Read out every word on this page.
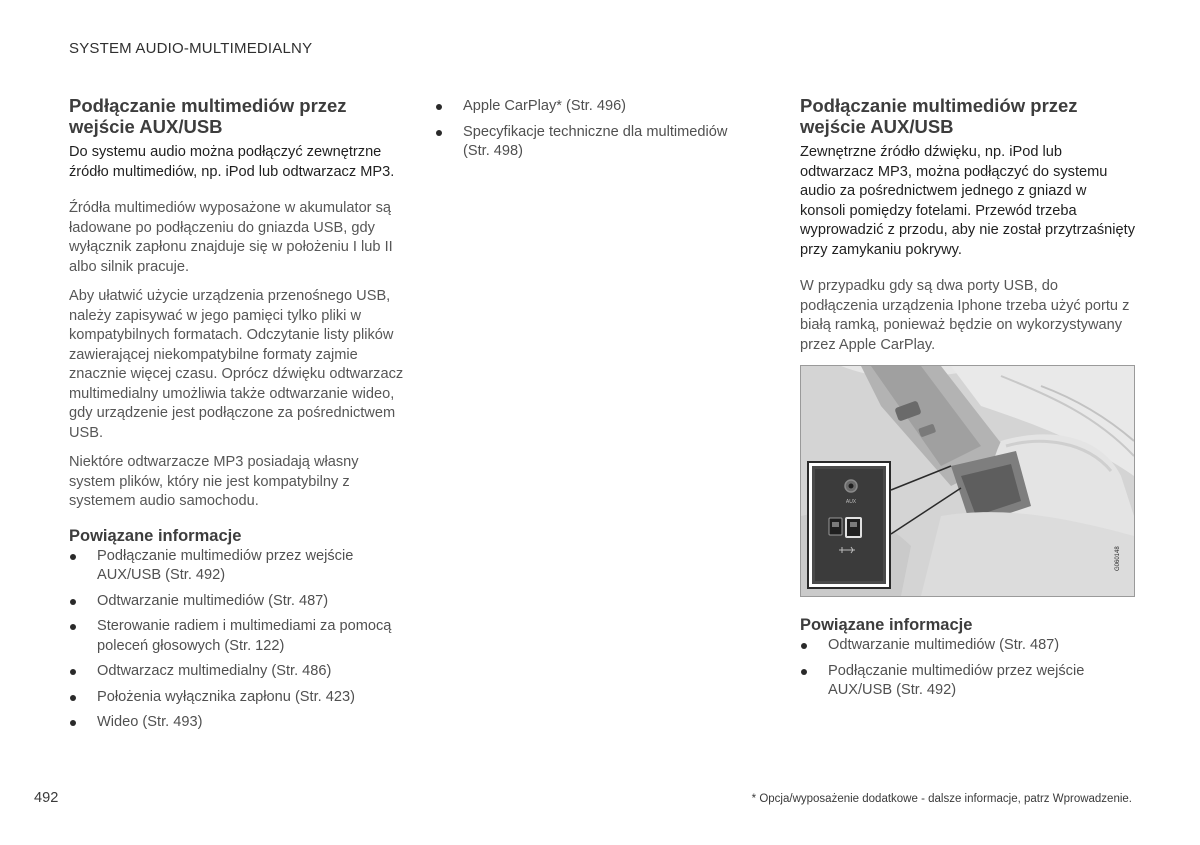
SYSTEM AUDIO-MULTIMEDIALNY
Podłączanie multimediów przez wejście AUX/USB

Do systemu audio można podłączyć zewnętrzne źródło multimediów, np. iPod lub odtwarzacz MP3.

Źródła multimediów wyposażone w akumulator są ładowane po podłączeniu do gniazda USB, gdy wyłącznik zapłonu znajduje się w położeniu I lub II albo silnik pracuje.

Aby ułatwić użycie urządzenia przenośnego USB, należy zapisywać w jego pamięci tylko pliki w kompatybilnych formatach. Odczytanie listy plików zawierającej niekompatybilne formaty zajmie znacznie więcej czasu. Oprócz dźwięku odtwarzacz multimedialny umożliwia także odtwarzanie wideo, gdy urządzenie jest podłączone za pośrednictwem USB.

Niektóre odtwarzacze MP3 posiadają własny system plików, który nie jest kompatybilny z systemem audio samochodu.

Powiązane informacje
Podłączanie multimediów przez wejście AUX/USB (Str. 492)
Odtwarzanie multimediów (Str. 487)
Sterowanie radiem i multimediami za pomocą poleceń głosowych (Str. 122)
Odtwarzacz multimedialny (Str. 486)
Położenia wyłącznika zapłonu (Str. 423)
Wideo (Str. 493)
Apple CarPlay* (Str. 496)
Specyfikacje techniczne dla multimediów (Str. 498)
Podłączanie multimediów przez wejście AUX/USB

Zewnętrzne źródło dźwięku, np. iPod lub odtwarzacz MP3, można podłączyć do systemu audio za pośrednictwem jednego z gniazd w konsoli pomiędzy fotelami. Przewód trzeba wyprowadzić z przodu, aby nie został przytrzaśnięty przy zamykaniu pokrywy.

W przypadku gdy są dwa porty USB, do podłączenia urządzenia Iphone trzeba użyć portu z białą ramką, ponieważ będzie on wykorzystywany przez Apple CarPlay.

AUX
G060148
Powiązane informacje
Odtwarzanie multimediów (Str. 487)
Podłączanie multimediów przez wejście AUX/USB (Str. 492)
492	* Opcja/wyposażenie dodatkowe - dalsze informacje, patrz Wprowadzenie.
